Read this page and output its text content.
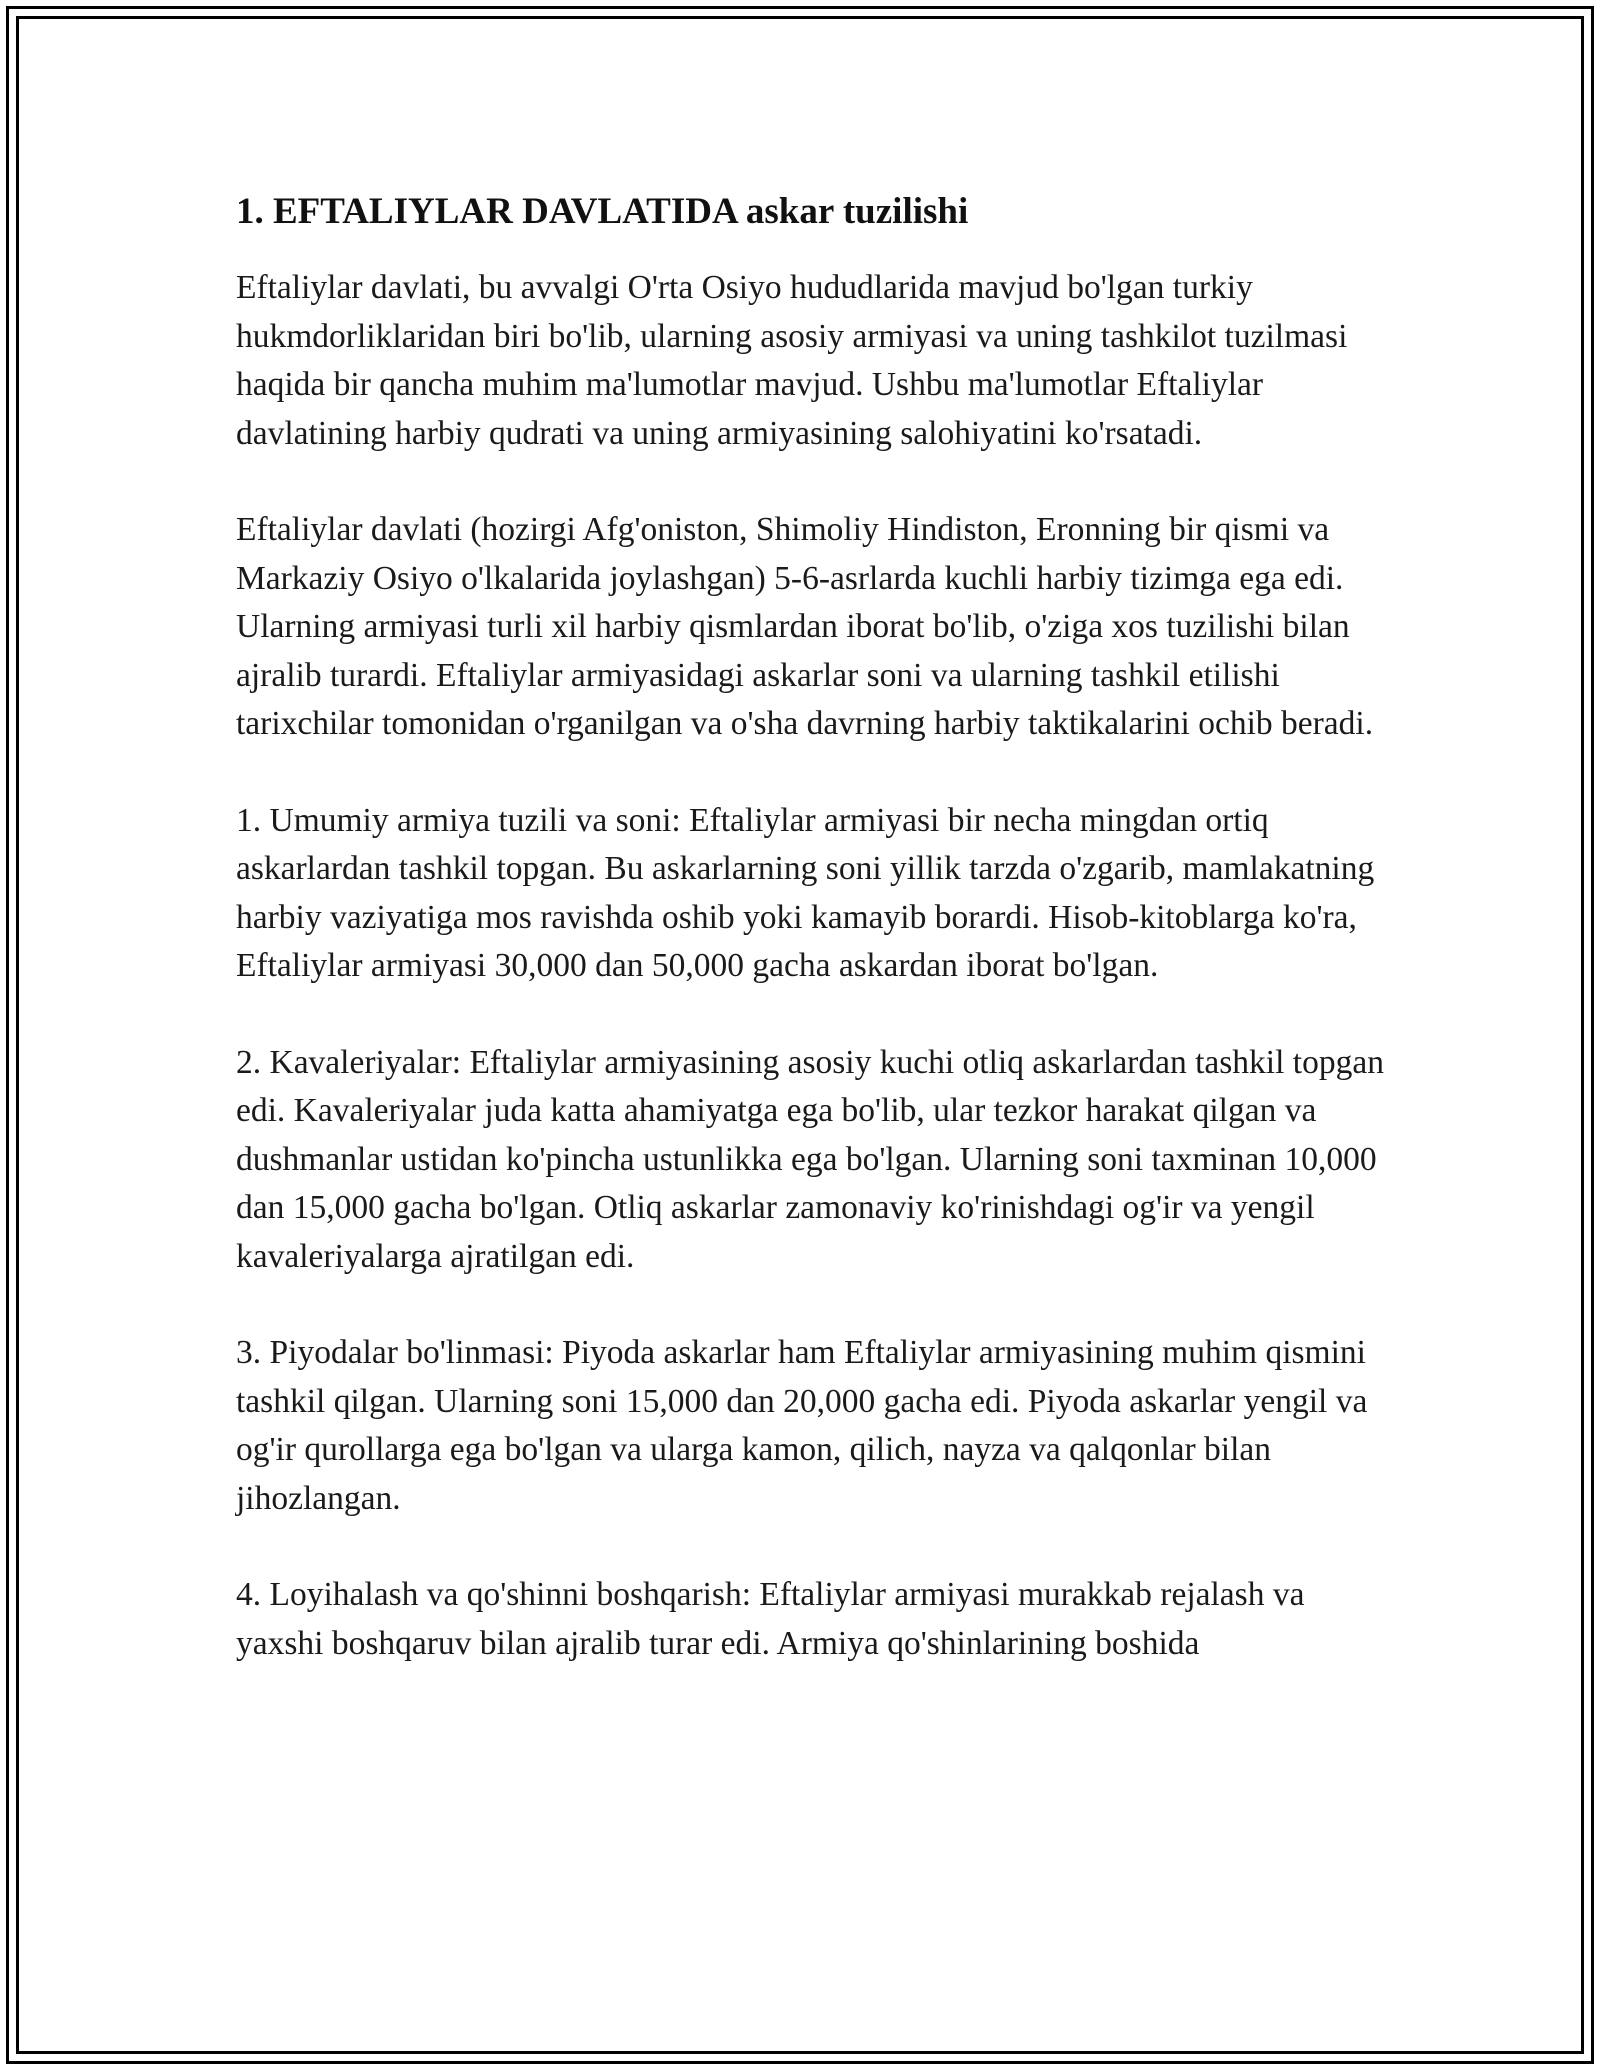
1. EFTALIYLAR DAVLATIDA askar tuzilishi

Eftaliylar davlati, bu avvalgi O'rta Osiyo hududlarida mavjud bo'lgan turkiy hukmdorliklaridan biri bo'lib, ularning asosiy armiyasi va uning tashkilot tuzilmasi haqida bir qancha muhim ma'lumotlar mavjud. Ushbu ma'lumotlar Eftaliylar davlatining harbiy qudrati va uning armiyasining salohiyatini ko'rsatadi.

Eftaliylar davlati (hozirgi Afg'oniston, Shimoliy Hindiston, Eronning bir qismi va Markaziy Osiyo o'lkalarida joylashgan) 5-6-asrlarda kuchli harbiy tizimga ega edi. Ularning armiyasi turli xil harbiy qismlardan iborat bo'lib, o'ziga xos tuzilishi bilan ajralib turardi. Eftaliylar armiyasidagi askarlar soni va ularning tashkil etilishi tarixchilar tomonidan o'rganilgan va o'sha davrning harbiy taktikalarini ochib beradi.

1. Umumiy armiya tuzili va soni: Eftaliylar armiyasi bir necha mingdan ortiq askarlardan tashkil topgan. Bu askarlarning soni yillik tarzda o'zgarib, mamlakatning harbiy vaziyatiga mos ravishda oshib yoki kamayib borardi. Hisob-kitoblarga ko'ra, Eftaliylar armiyasi 30,000 dan 50,000 gacha askardan iborat bo'lgan.

2. Kavaleriyalar: Eftaliylar armiyasining asosiy kuchi otliq askarlardan tashkil topgan edi. Kavaleriyalar juda katta ahamiyatga ega bo'lib, ular tezkor harakat qilgan va dushmanlar ustidan ko'pincha ustunlikka ega bo'lgan. Ularning soni taxminan 10,000 dan 15,000 gacha bo'lgan. Otliq askarlar zamonaviy ko'rinishdagi og'ir va yengil kavaleriyalarga ajratilgan edi.

3. Piyodalar bo'linmasi: Piyoda askarlar ham Eftaliylar armiyasining muhim qismini tashkil qilgan. Ularning soni 15,000 dan 20,000 gacha edi. Piyoda askarlar yengil va og'ir qurollarga ega bo'lgan va ularga kamon, qilich, nayza va qalqonlar bilan jihozlangan.

4. Loyihalash va qo'shinni boshqarish: Eftaliylar armiyasi murakkab rejalash va yaxshi boshqaruv bilan ajralib turar edi. Armiya qo'shinlarining boshida
